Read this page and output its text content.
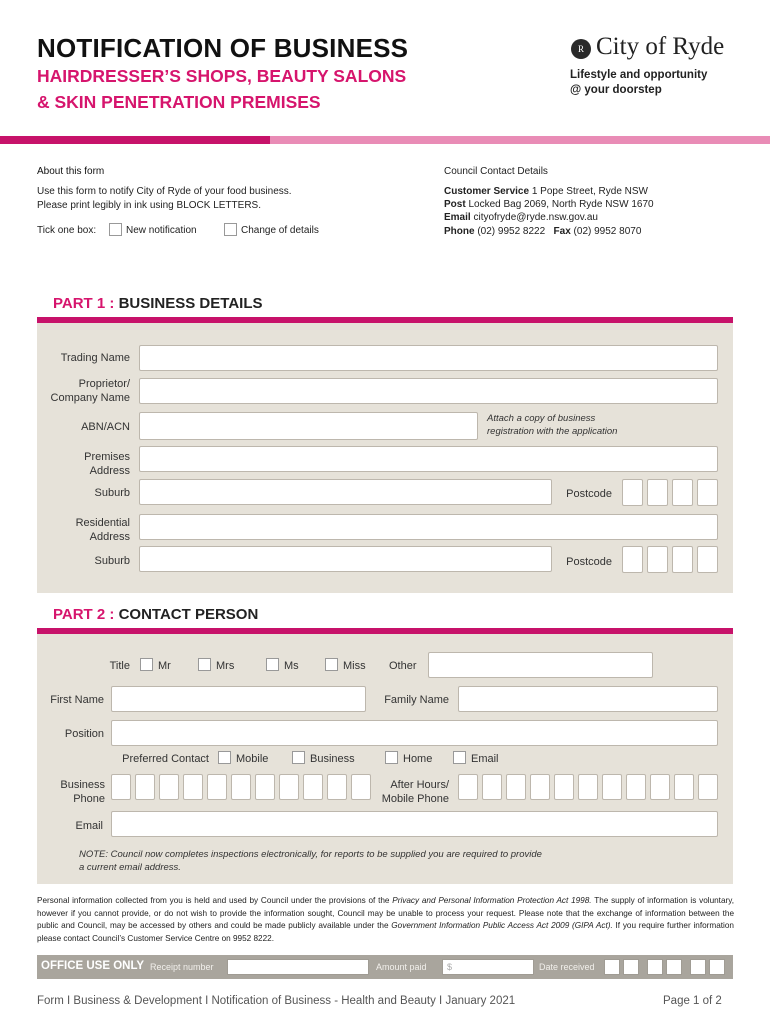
NOTIFICATION OF BUSINESS
HAIRDRESSER’S SHOPS, BEAUTY SALONS
& SKIN PENETRATION PREMISES
R City of Ryde
Lifestyle and opportunity
@ your doorstep
About this form
Use this form to notify City of Ryde of your food business.
Please print legibly in ink using BLOCK LETTERS.
Tick one box:	New notification	Change of details
Council Contact Details
Customer Service 1 Pope Street, Ryde NSW
Post Locked Bag 2069, North Ryde NSW 1670
Email cityofryde@ryde.nsw.gov.au
Phone (02) 9952 8222 Fax (02) 9952 8070
PART 1 : BUSINESS DETAILS
Trading Name
Proprietor/
Company Name
ABN/ACN
Attach a copy of business
registration with the application
Premises
Address
Suburb	Postcode
Residential
Address
Suburb	Postcode
PART 2 : CONTACT PERSON
Title	Mr	Mrs	Ms	Miss Other
First Name	Family Name
Position
Preferred Contact Mobile	Business	Home	Email
Business
Phone
After Hours/
Mobile Phone
Email
NOTE: Council now completes inspections electronically, for reports to be supplied you are required to provide
a current email address.
Personal information collected from you is held and used by Council under the provisions of the Privacy and Personal Information Protection Act 1998. The supply of information is voluntary, however if you cannot provide, or do not wish to provide the information sought, Council may be unable to process your request. Please note that the exchange of information between the public and Council, may be accessed by others and could be made publicly available under the Government Information Public Access Act 2009 (GIPA Act). If you require further information please contact Council’s Customer Service Centre on 9952 8222.
OFFICE USE ONLY Receipt number	Amount paid $	Date received
Form I Business & Development I Notification of Business - Health and Beauty I January 2021	Page 1 of 2
